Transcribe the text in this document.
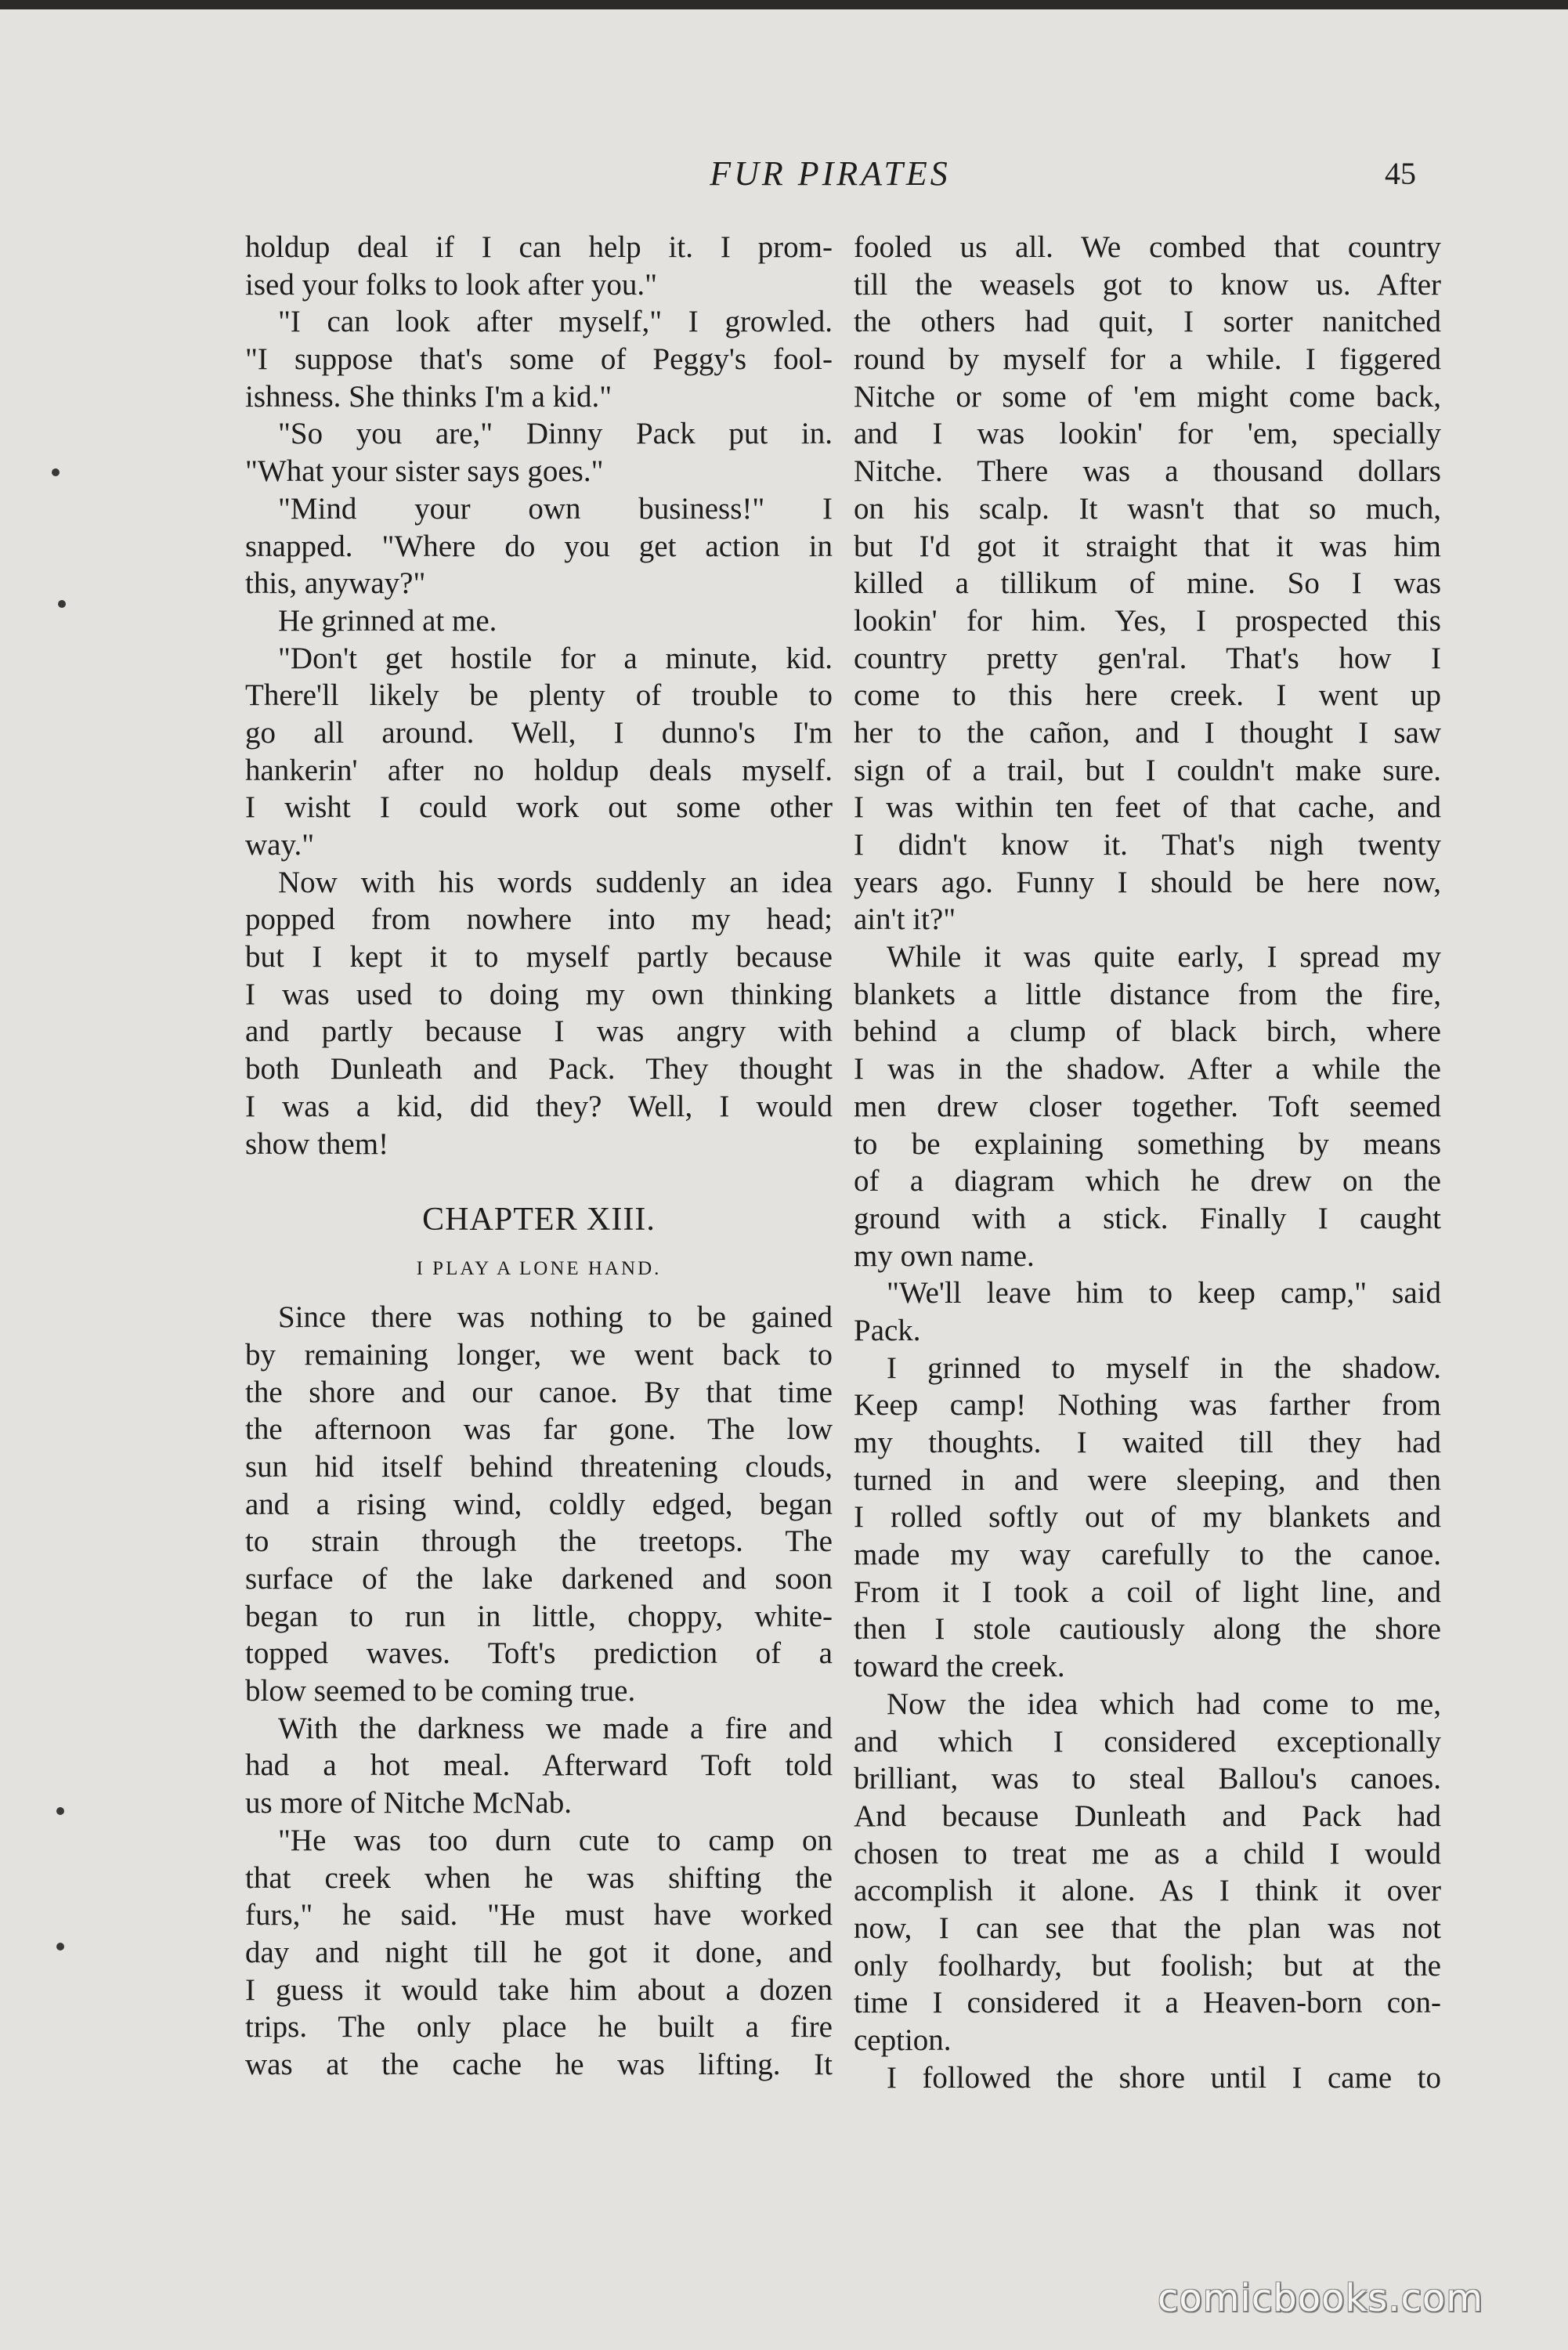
FUR PIRATES	45
holdup deal if I can help it. I prom-
ised your folks to look after you."
"I can look after myself," I growled.
"I suppose that's some of Peggy's fool-
ishness. She thinks I'm a kid."
"So you are," Dinny Pack put in.
"What your sister says goes."
"Mind your own business!" I
snapped. "Where do you get action in
this, anyway?"
He grinned at me.
"Don't get hostile for a minute, kid.
There'll likely be plenty of trouble to
go all around. Well, I dunno's I'm
hankerin' after no holdup deals myself.
I wisht I could work out some other
way."
Now with his words suddenly an idea
popped from nowhere into my head;
but I kept it to myself partly because
I was used to doing my own thinking
and partly because I was angry with
both Dunleath and Pack. They thought
I was a kid, did they? Well, I would
show them!
CHAPTER XIII.
I PLAY A LONE HAND.
Since there was nothing to be gained
by remaining longer, we went back to
the shore and our canoe. By that time
the afternoon was far gone. The low
sun hid itself behind threatening clouds,
and a rising wind, coldly edged, began
to strain through the treetops. The
surface of the lake darkened and soon
began to run in little, choppy, white-
topped waves. Toft's prediction of a
blow seemed to be coming true.
With the darkness we made a fire and
had a hot meal. Afterward Toft told
us more of Nitche McNab.
"He was too durn cute to camp on
that creek when he was shifting the
furs," he said. "He must have worked
day and night till he got it done, and
I guess it would take him about a dozen
trips. The only place he built a fire
was at the cache he was lifting. It
fooled us all. We combed that country
till the weasels got to know us. After
the others had quit, I sorter nanitched
round by myself for a while. I figgered
Nitche or some of 'em might come back,
and I was lookin' for 'em, specially
Nitche. There was a thousand dollars
on his scalp. It wasn't that so much,
but I'd got it straight that it was him
killed a tillikum of mine. So I was
lookin' for him. Yes, I prospected this
country pretty gen'ral. That's how I
come to this here creek. I went up
her to the cañon, and I thought I saw
sign of a trail, but I couldn't make sure.
I was within ten feet of that cache, and
I didn't know it. That's nigh twenty
years ago. Funny I should be here now,
ain't it?"
While it was quite early, I spread my
blankets a little distance from the fire,
behind a clump of black birch, where
I was in the shadow. After a while the
men drew closer together. Toft seemed
to be explaining something by means
of a diagram which he drew on the
ground with a stick. Finally I caught
my own name.
"We'll leave him to keep camp," said
Pack.
I grinned to myself in the shadow.
Keep camp! Nothing was farther from
my thoughts. I waited till they had
turned in and were sleeping, and then
I rolled softly out of my blankets and
made my way carefully to the canoe.
From it I took a coil of light line, and
then I stole cautiously along the shore
toward the creek.
Now the idea which had come to me,
and which I considered exceptionally
brilliant, was to steal Ballou's canoes.
And because Dunleath and Pack had
chosen to treat me as a child I would
accomplish it alone. As I think it over
now, I can see that the plan was not
only foolhardy, but foolish; but at the
time I considered it a Heaven-born con-
ception.
I followed the shore until I came to
comicbooks.com
